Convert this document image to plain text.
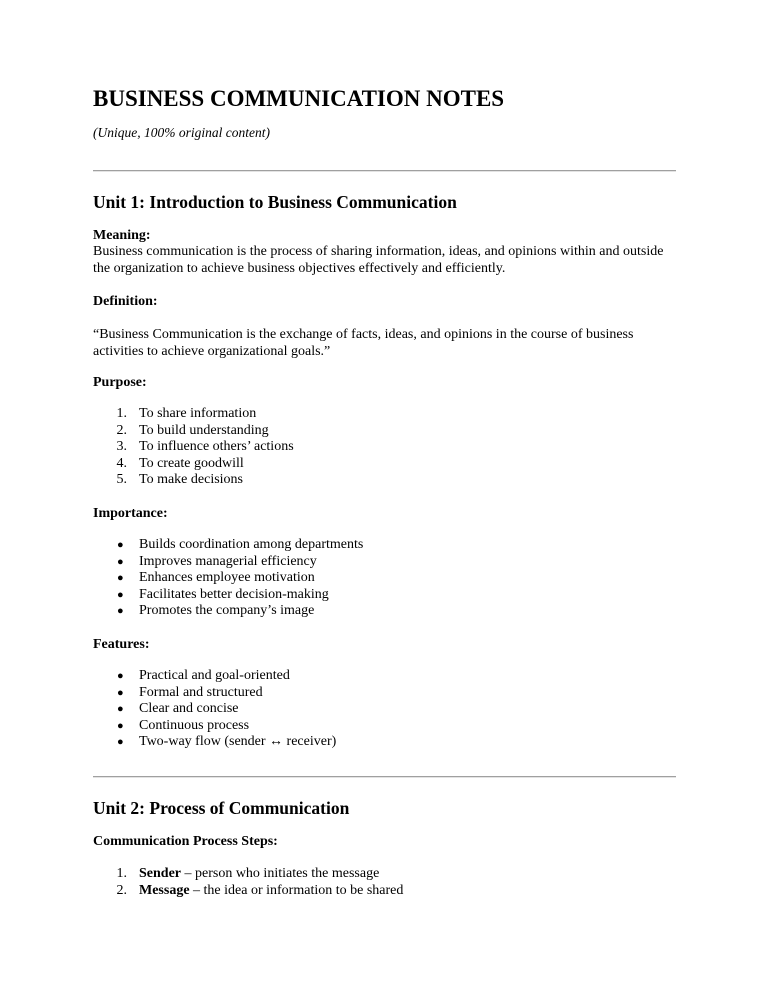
BUSINESS COMMUNICATION NOTES

(Unique, 100% original content)

Unit 1: Introduction to Business Communication

Meaning:

Business communication is the process of sharing information, ideas, and opinions within and outside the organization to achieve business objectives effectively and efficiently.

Definition:

“Business Communication is the exchange of facts, ideas, and opinions in the course of business activities to achieve organizational goals.”

Purpose:

1. To share information
2. To build understanding
3. To influence others’ actions
4. To create goodwill
5. To make decisions

Importance:

● Builds coordination among departments
● Improves managerial efficiency
● Enhances employee motivation
● Facilitates better decision-making
● Promotes the company’s image

Features:

● Practical and goal-oriented
● Formal and structured
● Clear and concise
● Continuous process
● Two-way flow (sender ↔ receiver)
Unit 2: Process of Communication

Communication Process Steps:

1. Sender – person who initiates the message
2. Message – the idea or information to be shared
